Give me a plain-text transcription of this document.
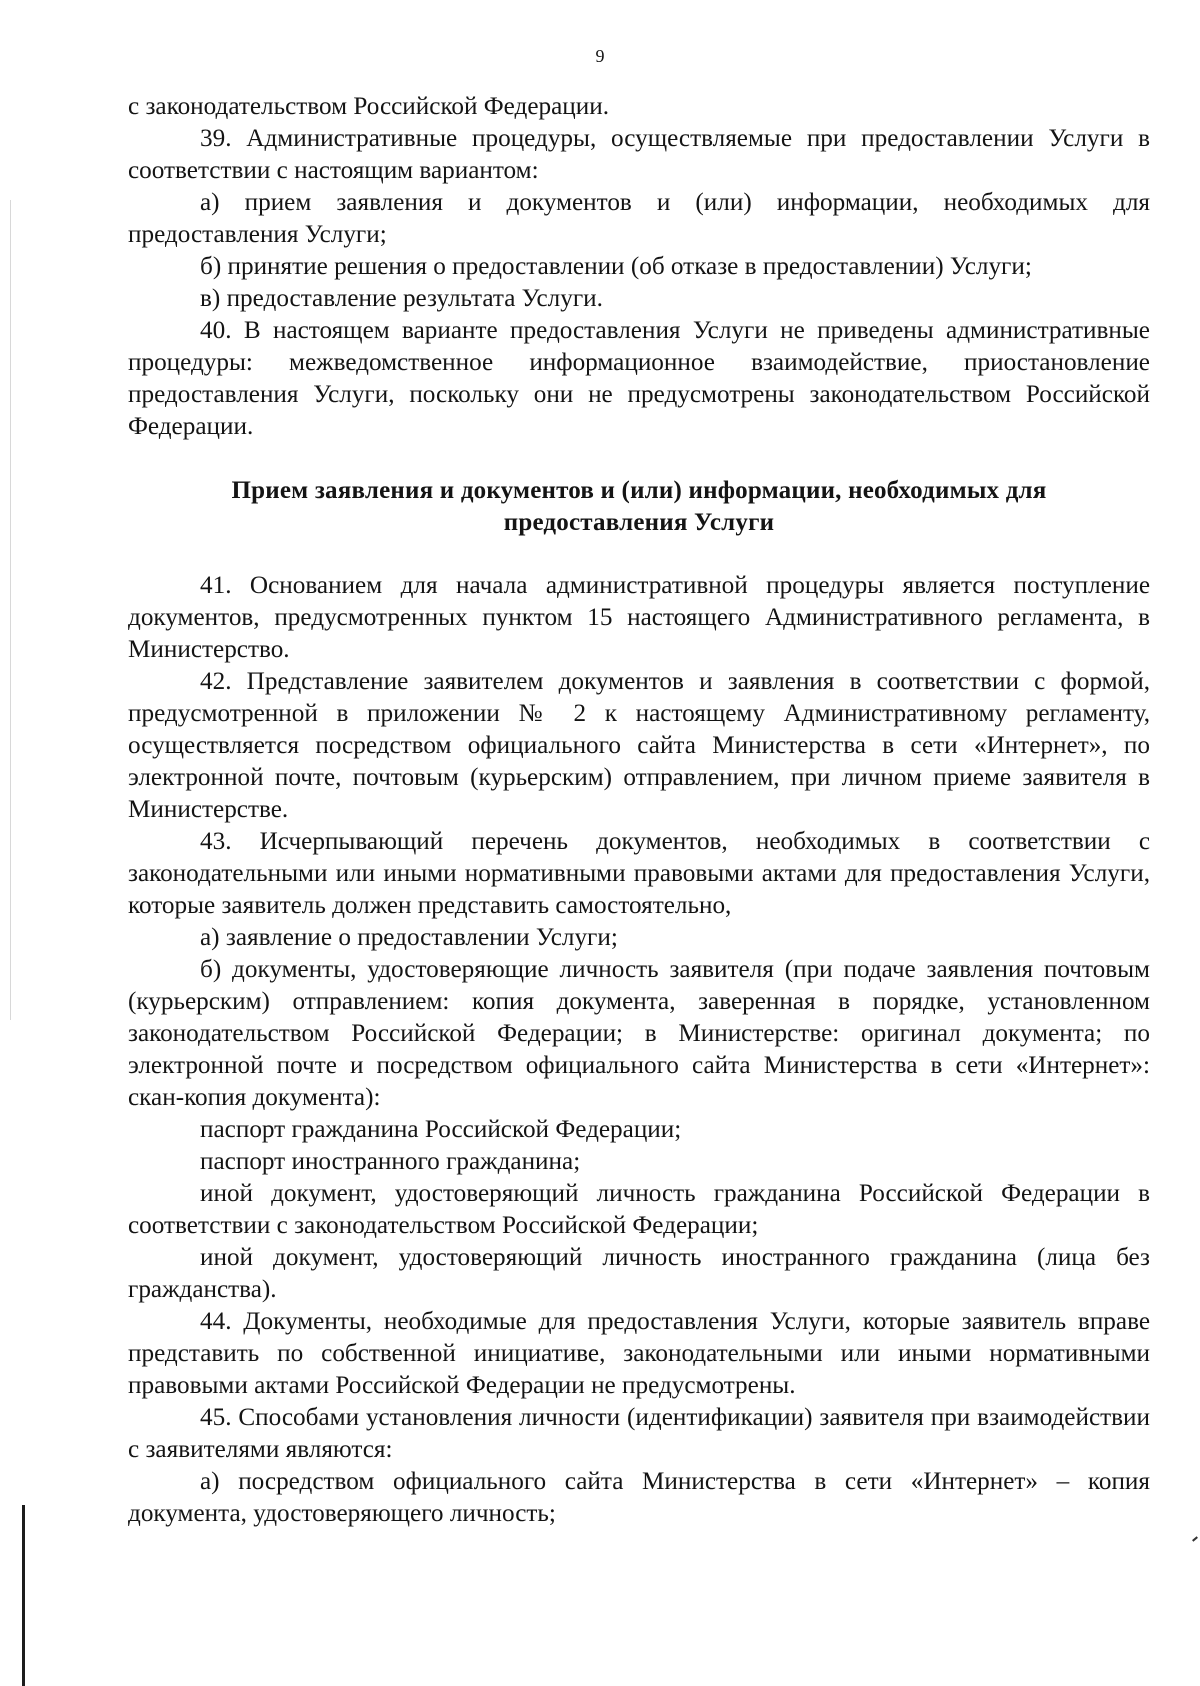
9

с законодательством Российской Федерации.

39. Административные процедуры, осуществляемые при предоставлении Услуги в соответствии с настоящим вариантом:

а) прием заявления и документов и (или) информации, необходимых для предоставления Услуги;

б) принятие решения о предоставлении (об отказе в предоставлении) Услуги;

в) предоставление результата Услуги.

40. В настоящем варианте предоставления Услуги не приведены административные процедуры: межведомственное информационное взаимодействие, приостановление предоставления Услуги, поскольку они не предусмотрены законодательством Российской Федерации.

Прием заявления и документов и (или) информации, необходимых для предоставления Услуги

41. Основанием для начала административной процедуры является поступление документов, предусмотренных пунктом 15 настоящего Административного регламента, в Министерство.

42. Представление заявителем документов и заявления в соответствии с формой, предусмотренной в приложении № 2 к настоящему Административному регламенту, осуществляется посредством официального сайта Министерства в сети «Интернет», по электронной почте, почтовым (курьерским) отправлением, при личном приеме заявителя в Министерстве.

43. Исчерпывающий перечень документов, необходимых в соответствии с законодательными или иными нормативными правовыми актами для предоставления Услуги, которые заявитель должен представить самостоятельно,

а) заявление о предоставлении Услуги;

б) документы, удостоверяющие личность заявителя (при подаче заявления почтовым (курьерским) отправлением: копия документа, заверенная в порядке, установленном законодательством Российской Федерации; в Министерстве: оригинал документа; по электронной почте и посредством официального сайта Министерства в сети «Интернет»: скан-копия документа):

паспорт гражданина Российской Федерации;

паспорт иностранного гражданина;

иной документ, удостоверяющий личность гражданина Российской Федерации в соответствии с законодательством Российской Федерации;

иной документ, удостоверяющий личность иностранного гражданина (лица без гражданства).

44. Документы, необходимые для предоставления Услуги, которые заявитель вправе представить по собственной инициативе, законодательными или иными нормативными правовыми актами Российской Федерации не предусмотрены.

45. Способами установления личности (идентификации) заявителя при взаимодействии с заявителями являются:

а) посредством официального сайта Министерства в сети «Интернет» – копия документа, удостоверяющего личность;
